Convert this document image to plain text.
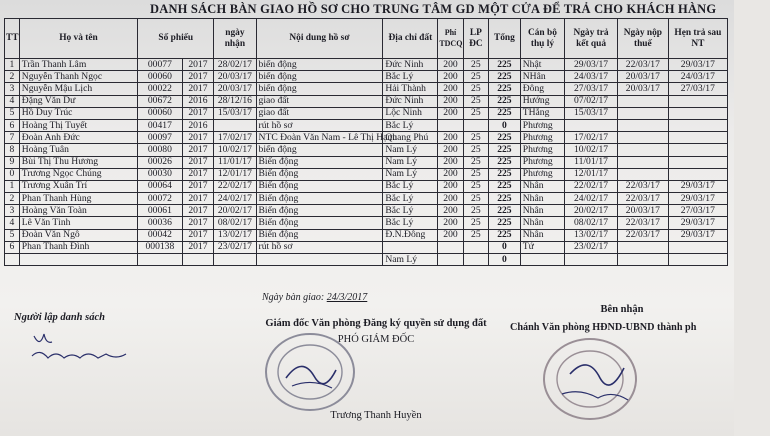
DANH SÁCH BÀN GIAO HỒ SƠ CHO TRUNG TÂM GD MỘT CỬA ĐỂ TRẢ CHO KHÁCH HÀNG
TT	Họ và tên	Số phiếu		ngày nhận	Nội dung hồ sơ	Địa chỉ đất	Phí TDCQ	LP ĐC	Tổng	Cán bộ thụ lý	Ngày trả kết quả	Ngày nộp thuế	Hẹn trả sau NT
1	Trần Thanh Lâm	00077	2017	28/02/17	biến động	Đức Ninh	200	25	225	Nhật	29/03/17	22/03/17	29/03/17
2	Nguyễn Thanh Ngọc	00060	2017	20/03/17	biến động	Bắc Lý	200	25	225	NHân	24/03/17	20/03/17	24/03/17
3	Nguyễn Mậu Lịch	00022	2017	20/03/17	biến động	Hải Thành	200	25	225	Đông	27/03/17	20/03/17	27/03/17
4	Đặng Văn Dư	00672	2016	28/12/16	giao đất	Đức Ninh	200	25	225	Hướng	07/02/17		
5	Hồ Duy Trúc	00060	2017	15/03/17	giao đất	Lộc Ninh	200	25	225	THắng	15/03/17		
6	Hoàng Thị Tuyết	00417	2016		rút hồ sơ	Bắc Lý			0	Phương			
7	Đoàn Anh Đức	00097	2017	17/02/17	NTC Đoàn Văn Nam - Lê Thị Hạnh	Quang Phú	200	25	225	Phương	17/02/17		
8	Hoàng Tuân	00080	2017	10/02/17	biến động	Nam Lý	200	25	225	Phương	10/02/17		
9	Bùi Thị Thu Hương	00026	2017	11/01/17	Biến động	Nam Lý	200	25	225	Phương	11/01/17		
0	Trương Ngọc Chúng	00030	2017	12/01/17	Biến động	Nam Lý	200	25	225	Phương	12/01/17		
1	Trương Xuân Trí	00064	2017	22/02/17	Biến động	Bắc Lý	200	25	225	Nhân	22/02/17	22/03/17	29/03/17
2	Phan Thanh Hùng	00072	2017	24/02/17	Biến động	Bắc Lý	200	25	225	Nhân	24/02/17	22/03/17	29/03/17
3	Hoàng Văn Toàn	00061	2017	20/02/17	Biến động	Bắc Lý	200	25	225	Nhân	20/02/17	20/03/17	27/03/17
4	Lê Văn Tình	00036	2017	08/02/17	Biến động	Bắc Lý	200	25	225	Nhân	08/02/17	22/03/17	29/03/17
5	Đoàn Văn Ngô	00042	2017	13/02/17	Biến động	Đ.N.Đông	200	25	225	Nhân	13/02/17	22/03/17	29/03/17
6	Phan Thanh Đình	000138	2017	23/02/17	rút hồ sơ				0	Tứ	23/02/17		
						Nam Lý			0				
Ngày bàn giao: 24/3/2017
Người lập danh sách
Giám đốc Văn phòng Đăng ký quyền sử dụng đất
PHÓ GIÁM ĐỐC
Trương Thanh Huyền
Bên nhận
Chánh Văn phòng HĐND-UBND thành ph
